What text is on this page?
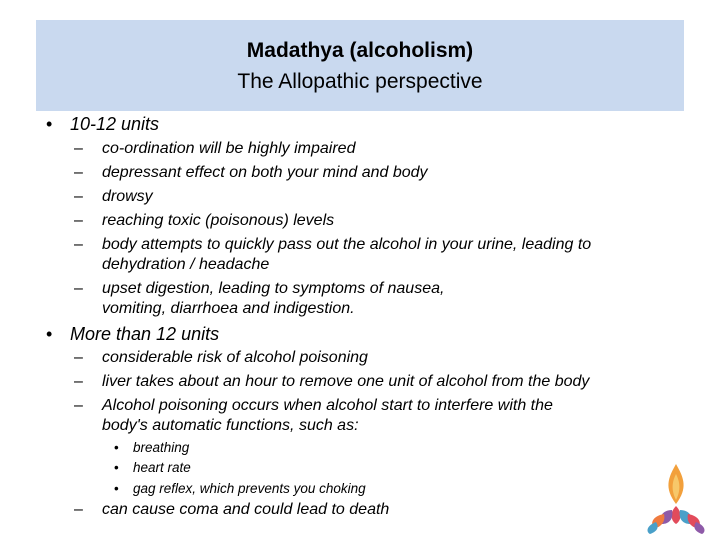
Madathya (alcoholism)
The Allopathic perspective
• 10-12 units
– co-ordination will be highly impaired
– depressant effect on both your mind and body
– drowsy
– reaching toxic (poisonous) levels
– body attempts to quickly pass out the alcohol in your urine, leading to
dehydration / headache
– upset digestion, leading to symptoms of nausea,
vomiting, diarrhoea and indigestion.
• More than 12 units
– considerable risk of alcohol poisoning
– liver takes about an hour to remove one unit of alcohol from the body
– Alcohol poisoning occurs when alcohol start to interfere with the
body's automatic functions, such as:
• breathing
• heart rate
• gag reflex, which prevents you choking
– can cause coma and could lead to death
